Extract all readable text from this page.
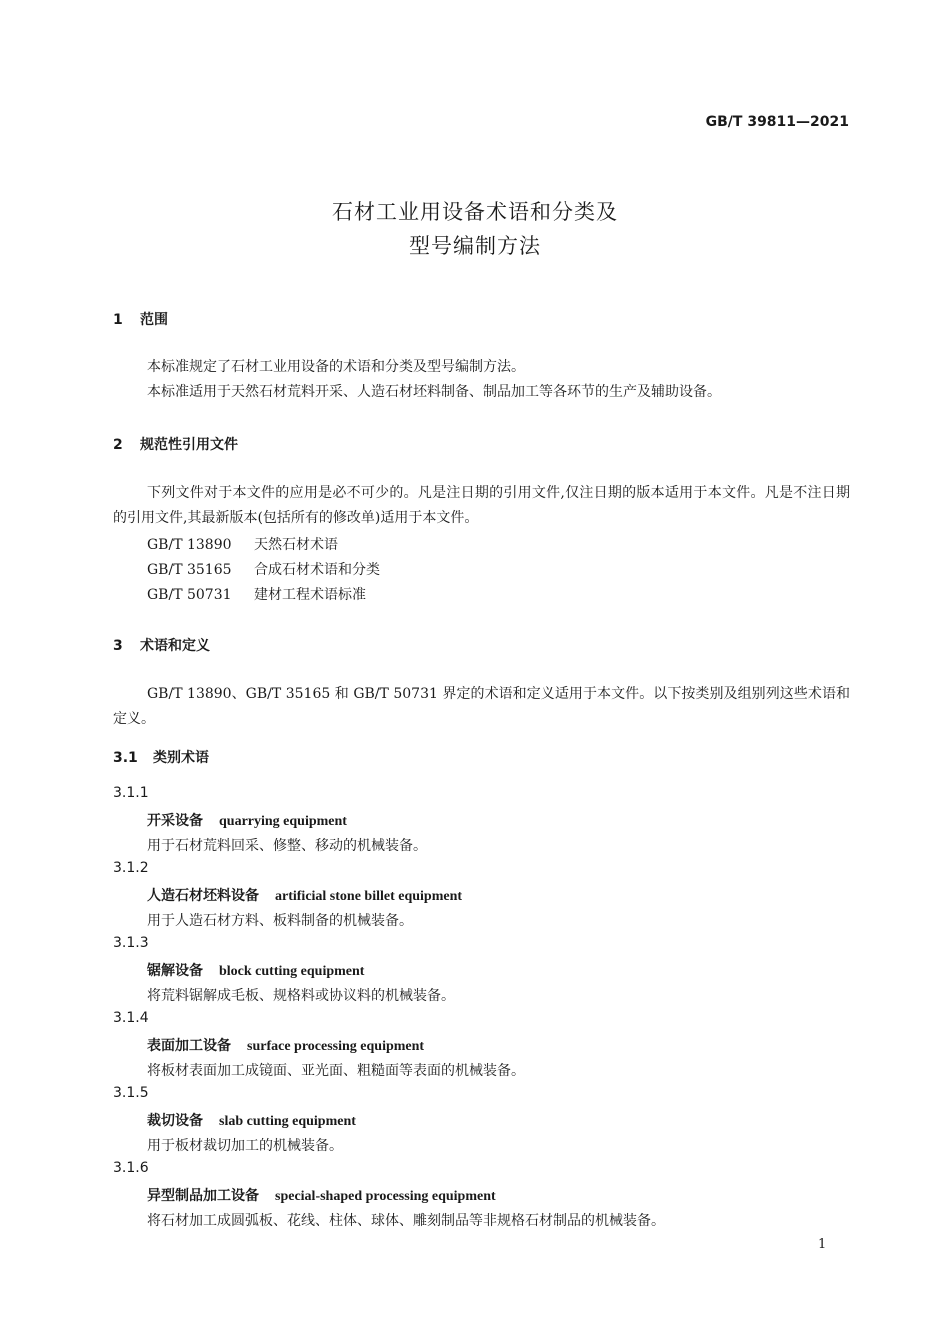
GB/T 39811—2021
石材工业用设备术语和分类及
型号编制方法
1 范围
本标准规定了石材工业用设备的术语和分类及型号编制方法。
本标准适用于天然石材荒料开采、人造石材坯料制备、制品加工等各环节的生产及辅助设备。
2 规范性引用文件
下列文件对于本文件的应用是必不可少的。凡是注日期的引用文件,仅注日期的版本适用于本文件。凡是不注日期的引用文件,其最新版本(包括所有的修改单)适用于本文件。
GB/T 13890 天然石材术语
GB/T 35165 合成石材术语和分类
GB/T 50731 建材工程术语标准
3 术语和定义
GB/T 13890、GB/T 35165 和 GB/T 50731 界定的术语和定义适用于本文件。以下按类别及组别列这些术语和定义。
3.1 类别术语
3.1.1
开采设备 quarrying equipment
用于石材荒料回采、修整、移动的机械装备。
3.1.2
人造石材坯料设备 artificial stone billet equipment
用于人造石材方料、板料制备的机械装备。
3.1.3
锯解设备 block cutting equipment
将荒料锯解成毛板、规格料或协议料的机械装备。
3.1.4
表面加工设备 surface processing equipment
将板材表面加工成镜面、亚光面、粗糙面等表面的机械装备。
3.1.5
裁切设备 slab cutting equipment
用于板材裁切加工的机械装备。
3.1.6
异型制品加工设备 special-shaped processing equipment
将石材加工成圆弧板、花线、柱体、球体、雕刻制品等非规格石材制品的机械装备。
1
